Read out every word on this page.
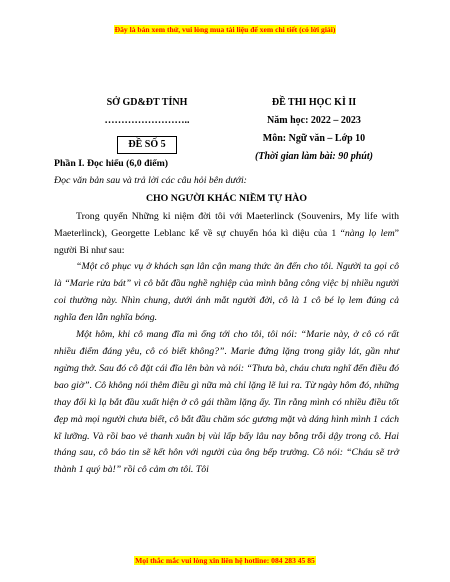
Đây là bản xem thử, vui lòng mua tài liệu để xem chi tiết (có lời giải)
SỞ GD&ĐT TỈNH
……………………..
ĐỀ SỐ 5
ĐỀ THI HỌC KÌ II
Năm học: 2022 – 2023
Môn: Ngữ văn – Lớp 10
(Thời gian làm bài: 90 phút)

Phần I. Đọc hiểu (6,0 điểm)

Đọc văn bản sau và trả lời các câu hỏi bên dưới:

CHO NGƯỜI KHÁC NIỀM TỰ HÀO

Trong quyển Những kỉ niệm đời tôi với Maeterlinck (Souvenirs, My life with Maeterlinck), Georgette Leblanc kể về sự chuyển hóa kì diệu của 1 “nàng lọ lem” người Bỉ như sau:

“Một cô phục vụ ở khách sạn lân cận mang thức ăn đến cho tôi. Người ta gọi cô là “Marie rửa bát” vì cô bắt đầu nghề nghiệp của mình bằng công việc bị nhiều người coi thường này. Nhìn chung, dưới ánh mắt người đời, cô là 1 cô bé lọ lem đúng cả nghĩa đen lẫn nghĩa bóng.

Một hôm, khi cô mang đĩa mì ống tới cho tôi, tôi nói: “Marie này, ở cô có rất nhiều điểm đáng yêu, cô có biết không?”. Marie đứng lặng trong giây lát, gần như ngừng thở. Sau đó cô đặt cái đĩa lên bàn và nói: “Thưa bà, cháu chưa nghĩ đến điều đó bao giờ”. Cô không nói thêm điều gì nữa mà chỉ lặng lẽ lui ra. Từ ngày hôm đó, những thay đổi kì lạ bắt đầu xuất hiện ở cô gái thầm lặng ấy. Tin rằng mình có nhiều điều tốt đẹp mà mọi người chưa biết, cô bắt đầu chăm sóc gương mặt và dáng hình mình 1 cách kĩ lưỡng. Và rồi bao vẻ thanh xuân bị vùi lấp bấy lâu nay bỗng trỗi dậy trong cô. Hai tháng sau, cô báo tin sẽ kết hôn với người của ông bếp trưởng. Cô nói: “Cháu sẽ trở thành 1 quý bà!” rồi cô cảm ơn tôi. Tôi

Mọi thắc mắc vui lòng xin liên hệ hotline: 084 283 45 85
